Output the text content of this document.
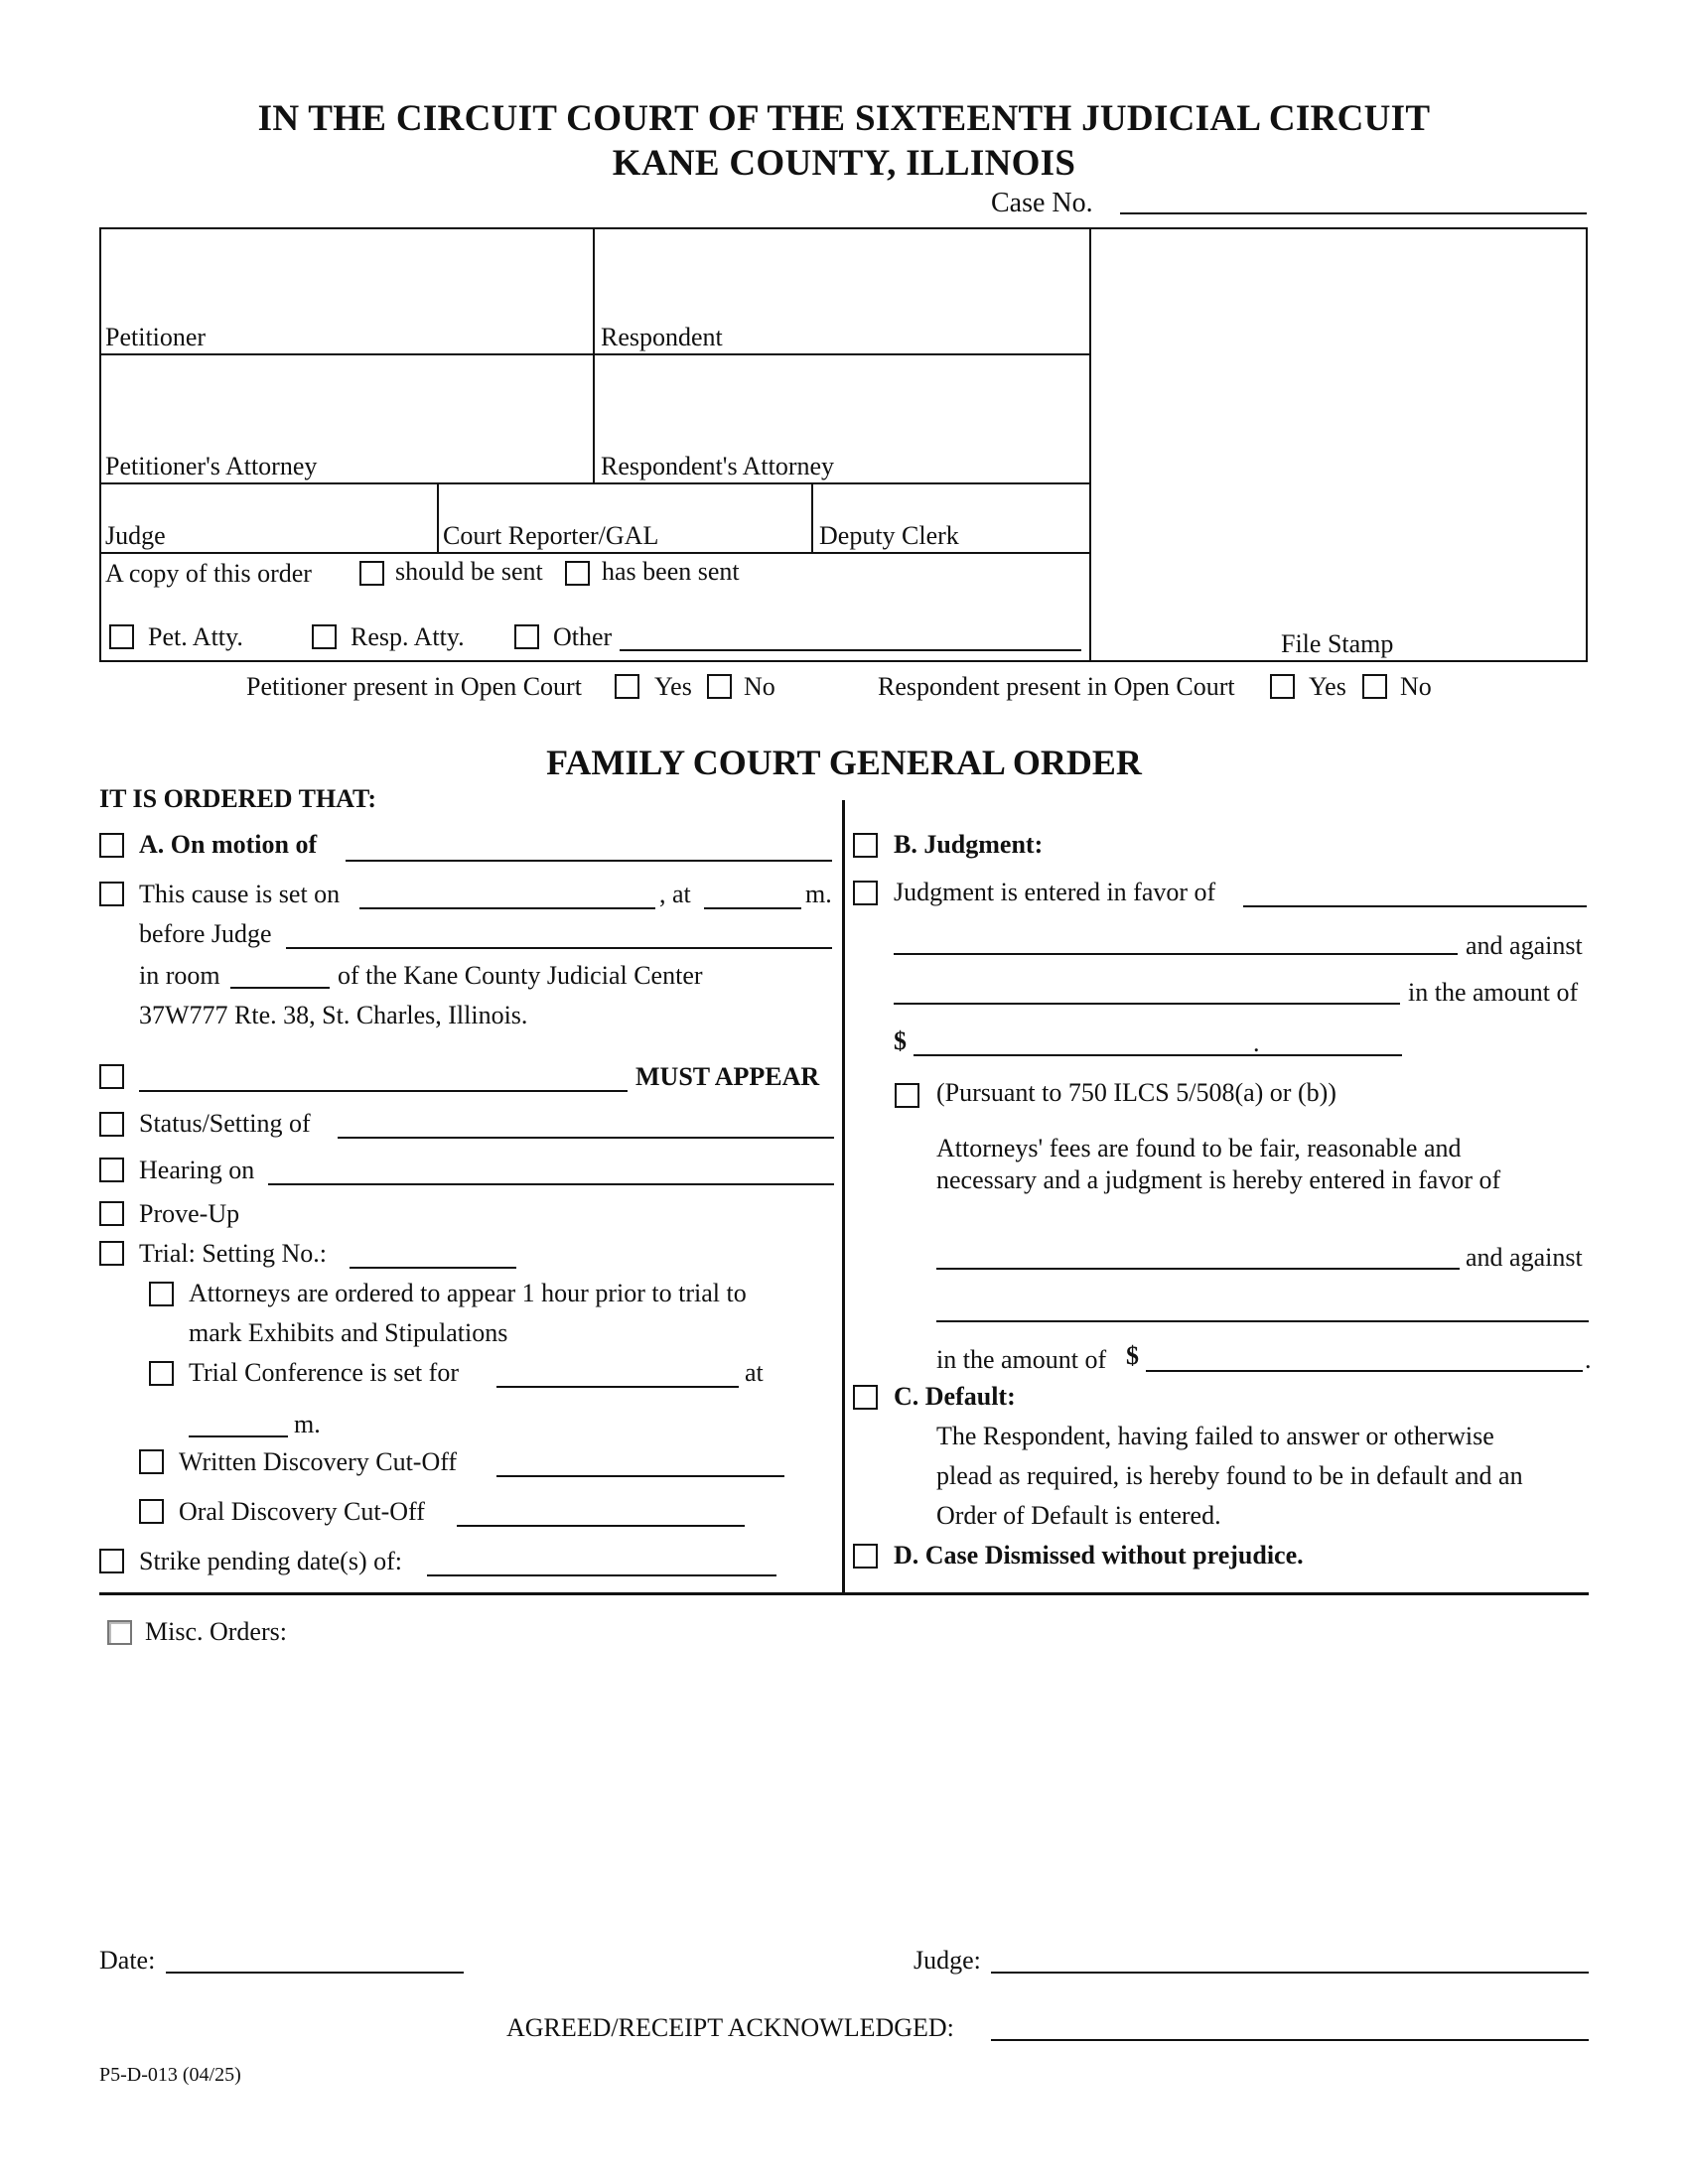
IN THE CIRCUIT COURT OF THE SIXTEENTH JUDICIAL CIRCUIT
KANE COUNTY, ILLINOIS
Case No.
Petitioner	Respondent
Petitioner's Attorney	Respondent's Attorney
Judge	Court Reporter/GAL	Deputy Clerk
A copy of this order	should be sent has been sent
Pet. Atty.	Resp. Atty.	Other	File Stamp
Petitioner present in Open Court	Yes No	Respondent present in Open Court	Yes No
FAMILY COURT GENERAL ORDER
IT IS ORDERED THAT:
A. On motion of
This cause is set on	, at	m.
before Judge
in room	of the Kane County Judicial Center
37W777 Rte. 38, St. Charles, Illinois.
MUST APPEAR
Status/Setting of
Hearing on
Prove-Up
Trial: Setting No.:
Attorneys are ordered to appear 1 hour prior to trial to
mark Exhibits and Stipulations
Trial Conference is set for	at
m.
Written Discovery Cut-Off
Oral Discovery Cut-Off
Strike pending date(s) of:
B. Judgment:
Judgment is entered in favor of
and against
in the amount of
$	.
(Pursuant to 750 ILCS 5/508(a) or (b))
Attorneys' fees are found to be fair, reasonable and
necessary and a judgment is hereby entered in favor of
and against
in the amount of $	.
C. Default:
The Respondent, having failed to answer or otherwise
plead as required, is hereby found to be in default and an
Order of Default is entered.
D. Case Dismissed without prejudice.
Misc. Orders:
Date:	Judge:
AGREED/RECEIPT ACKNOWLEDGED:
P5-D-013 (04/25)
